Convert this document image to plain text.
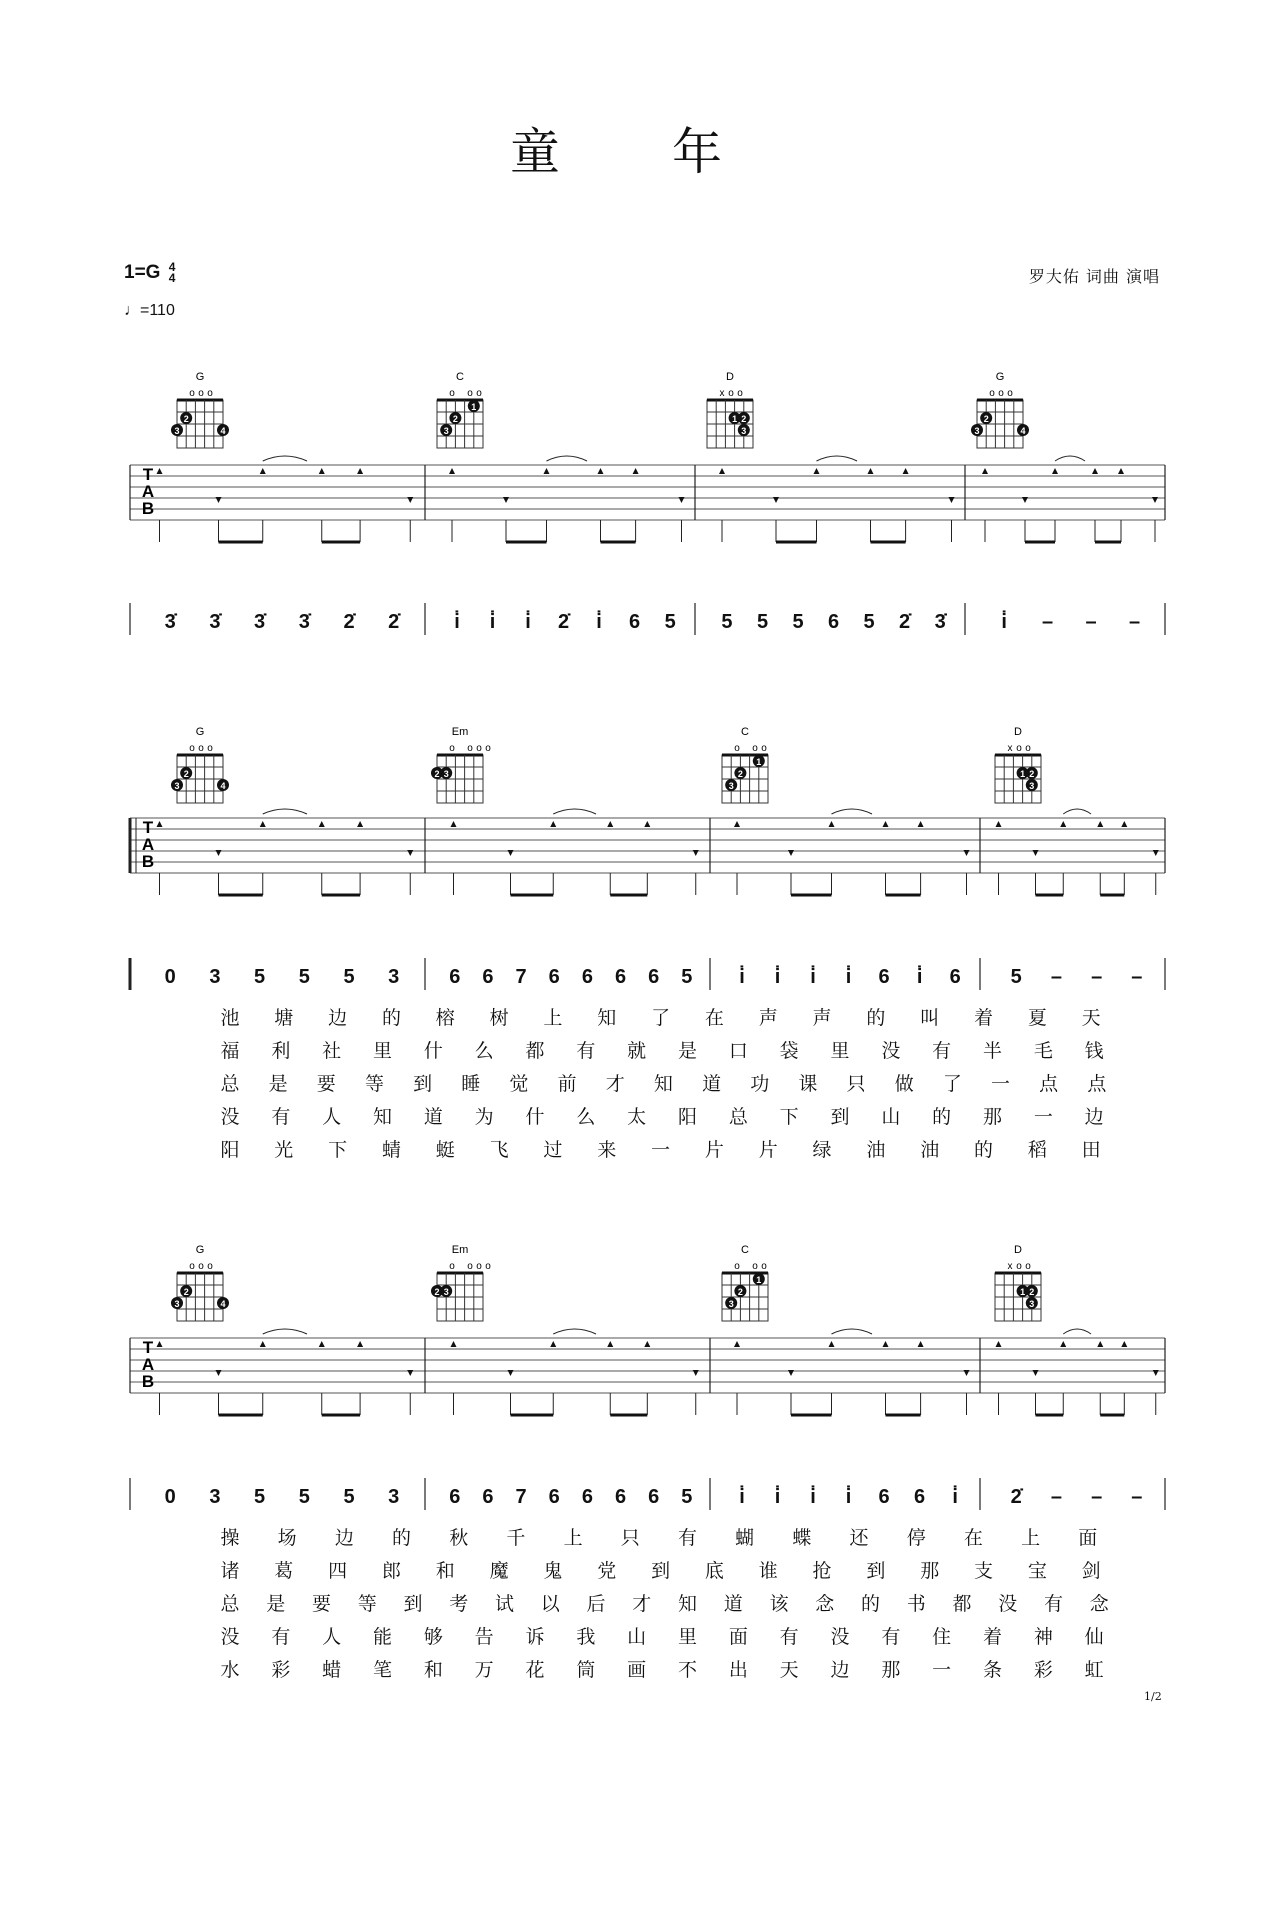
童 年
1=G 4
4
♩=110
罗大佑 词曲 演唱
T
A
B
G
o o o
2
3	4
C
o o o
1
2
3
D
x o o
1 2
3
G
o o o
2
3	4
T
A
B
G
o o o
2
3	4
Em
o o o o
2 3
C
o o o
1
2
3
D
x o o
1 2
3
T
A
B
G
o o o
2
3	4
Em
o o o o
2 3
C
o o o
1
2
3
D
x o o
1 2
3
3̇ 3̇ 3̇ 3̇ 2̇ 2̇	i̇ i̇ i̇ 2̇ i̇ 6 5 5 5 5 6 5 2̇ 3̇	i̇ – – –
0 3 5 5 5 3 6 6 7 6 6 6 6 5 i̇ i̇ i̇ i̇ 6 i̇ 6 5 – – –
池 塘 边 的 榕 树 上 知 了 在 声 声 的 叫 着 夏 天
福 利 社 里 什 么 都 有 就 是 口 袋 里 没 有 半 毛 钱
总 是 要 等 到 睡 觉 前 才 知 道 功 课 只 做 了 一 点 点
没 有 人 知 道 为 什 么 太 阳 总 下 到 山 的 那 一 边
阳 光 下 蜻 蜓 飞 过 来 一 片 片 绿 油 油 的 稻 田
0 3 5 5 5 3 6 6 7 6 6 6 6 5 i̇ i̇ i̇ i̇ 6 6 i̇	2̇ – – –
操 场 边 的 秋 千 上 只 有 蝴 蝶 还 停 在 上 面
诸 葛 四 郎 和 魔 鬼 党 到 底 谁 抢 到 那 支 宝 剑
总 是 要 等 到 考 试 以 后 才 知 道 该 念 的 书 都 没 有 念
没 有 人 能 够 告 诉 我 山 里 面 有 没 有 住 着 神 仙
水 彩 蜡 笔 和 万 花 筒 画 不 出 天 边 那 一 条 彩 虹
1/2
